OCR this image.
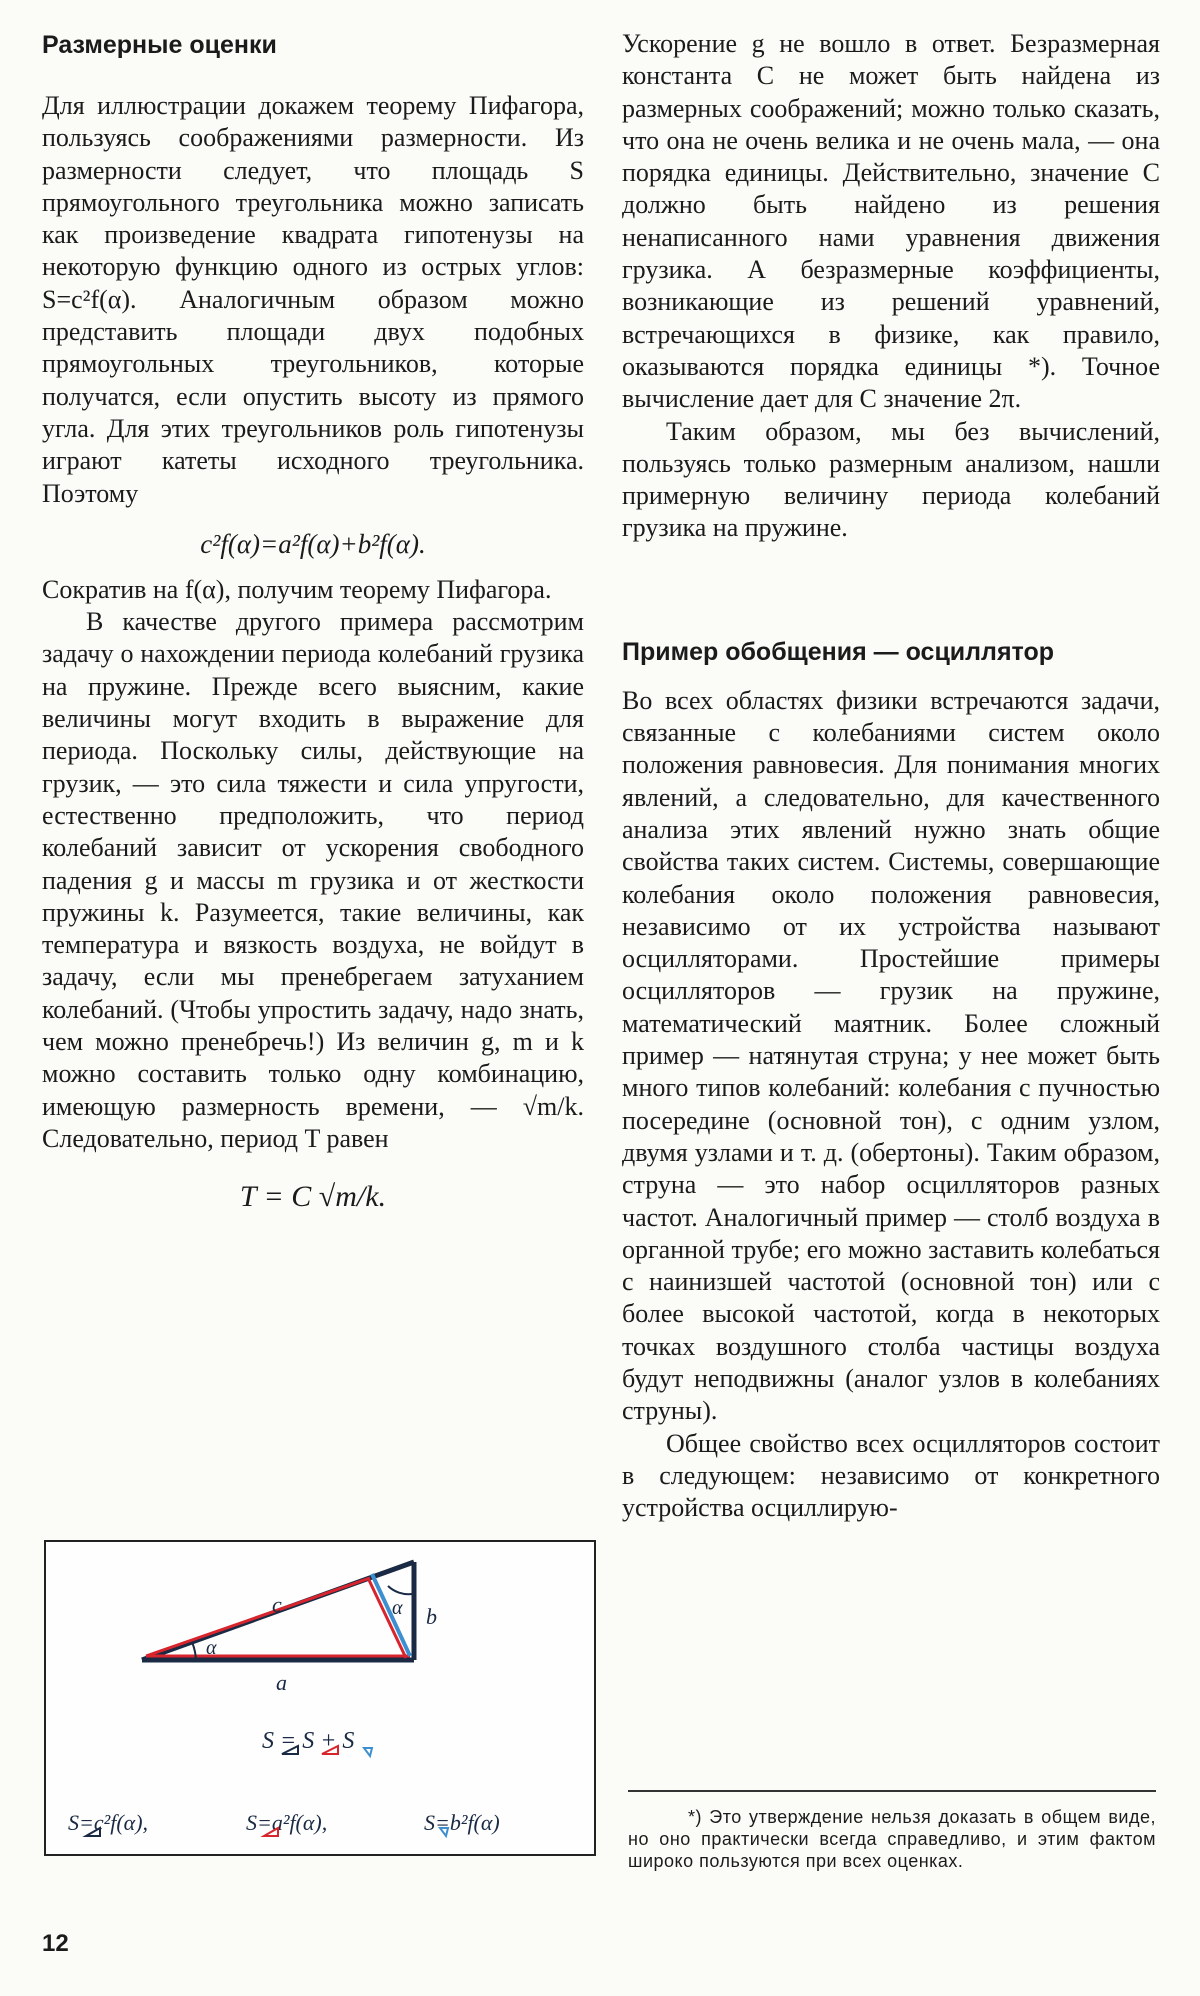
Размерные оценки

Для иллюстрации докажем теорему Пифагора, пользуясь соображениями размерности. Из размерности следует, что площадь S прямоугольного треугольника можно записать как произведение квадрата гипотенузы на некоторую функцию одного из острых углов: S=c²f(α). Аналогичным образом можно представить площади двух подобных прямоугольных треугольников, которые получатся, если опустить высоту из прямого угла. Для этих треугольников роль гипотенузы играют катеты исходного треугольника. Поэтому

c²f(α)=a²f(α)+b²f(α).

Сократив на f(α), получим теорему Пифагора.

В качестве другого примера рассмотрим задачу о нахождении периода колебаний грузика на пружине. Прежде всего выясним, какие величины могут входить в выражение для периода. Поскольку силы, действующие на грузик, — это сила тяжести и сила упругости, естественно предположить, что период колебаний зависит от ускорения свободного падения g и массы m грузика и от жесткости пружины k. Разумеется, такие величины, как температура и вязкость воздуха, не войдут в задачу, если мы пренебрегаем затуханием колебаний. (Чтобы упростить задачу, надо знать, чем можно пренебречь!) Из величин g, m и k можно составить только одну комбинацию, имеющую размерность времени, — √m/k. Следовательно, период T равен

T = C √m/k.
c	b
a
α
α
S = S + S
S=c²f(α),	S=a²f(α),	S=b²f(α)

Ускорение g не вошло в ответ. Безразмерная константа C не может быть найдена из размерных соображений; можно только сказать, что она не очень велика и не очень мала, — она порядка единицы. Действительно, значение C должно быть найдено из решения ненаписанного нами уравнения движения грузика. А безразмерные коэффициенты, возникающие из решений уравнений, встречающихся в физике, как правило, оказываются порядка единицы *). Точное вычисление дает для C значение 2π.

Таким образом, мы без вычислений, пользуясь только размерным анализом, нашли примерную величину периода колебаний грузика на пружине.

Пример обобщения — осциллятор

Во всех областях физики встречаются задачи, связанные с колебаниями систем около положения равновесия. Для понимания многих явлений, а следовательно, для качественного анализа этих явлений нужно знать общие свойства таких систем. Системы, совершающие колебания около положения равновесия, независимо от их устройства называют осцилляторами. Простейшие примеры осцилляторов — грузик на пружине, математический маятник. Более сложный пример — натянутая струна; у нее может быть много типов колебаний: колебания с пучностью посередине (основной тон), с одним узлом, двумя узлами и т. д. (обертоны). Таким образом, струна — это набор осцилляторов разных частот. Аналогичный пример — столб воздуха в органной трубе; его можно заставить колебаться с наинизшей частотой (основной тон) или с более высокой частотой, когда в некоторых точках воздушного столба частицы воздуха будут неподвижны (аналог узлов в колебаниях струны).

Общее свойство всех осцилляторов состоит в следующем: независимо от конкретного устройства осциллирую-

*) Это утверждение нельзя доказать в общем виде, но оно практически всегда справедливо, и этим фактом широко пользуются при всех оценках.
12
